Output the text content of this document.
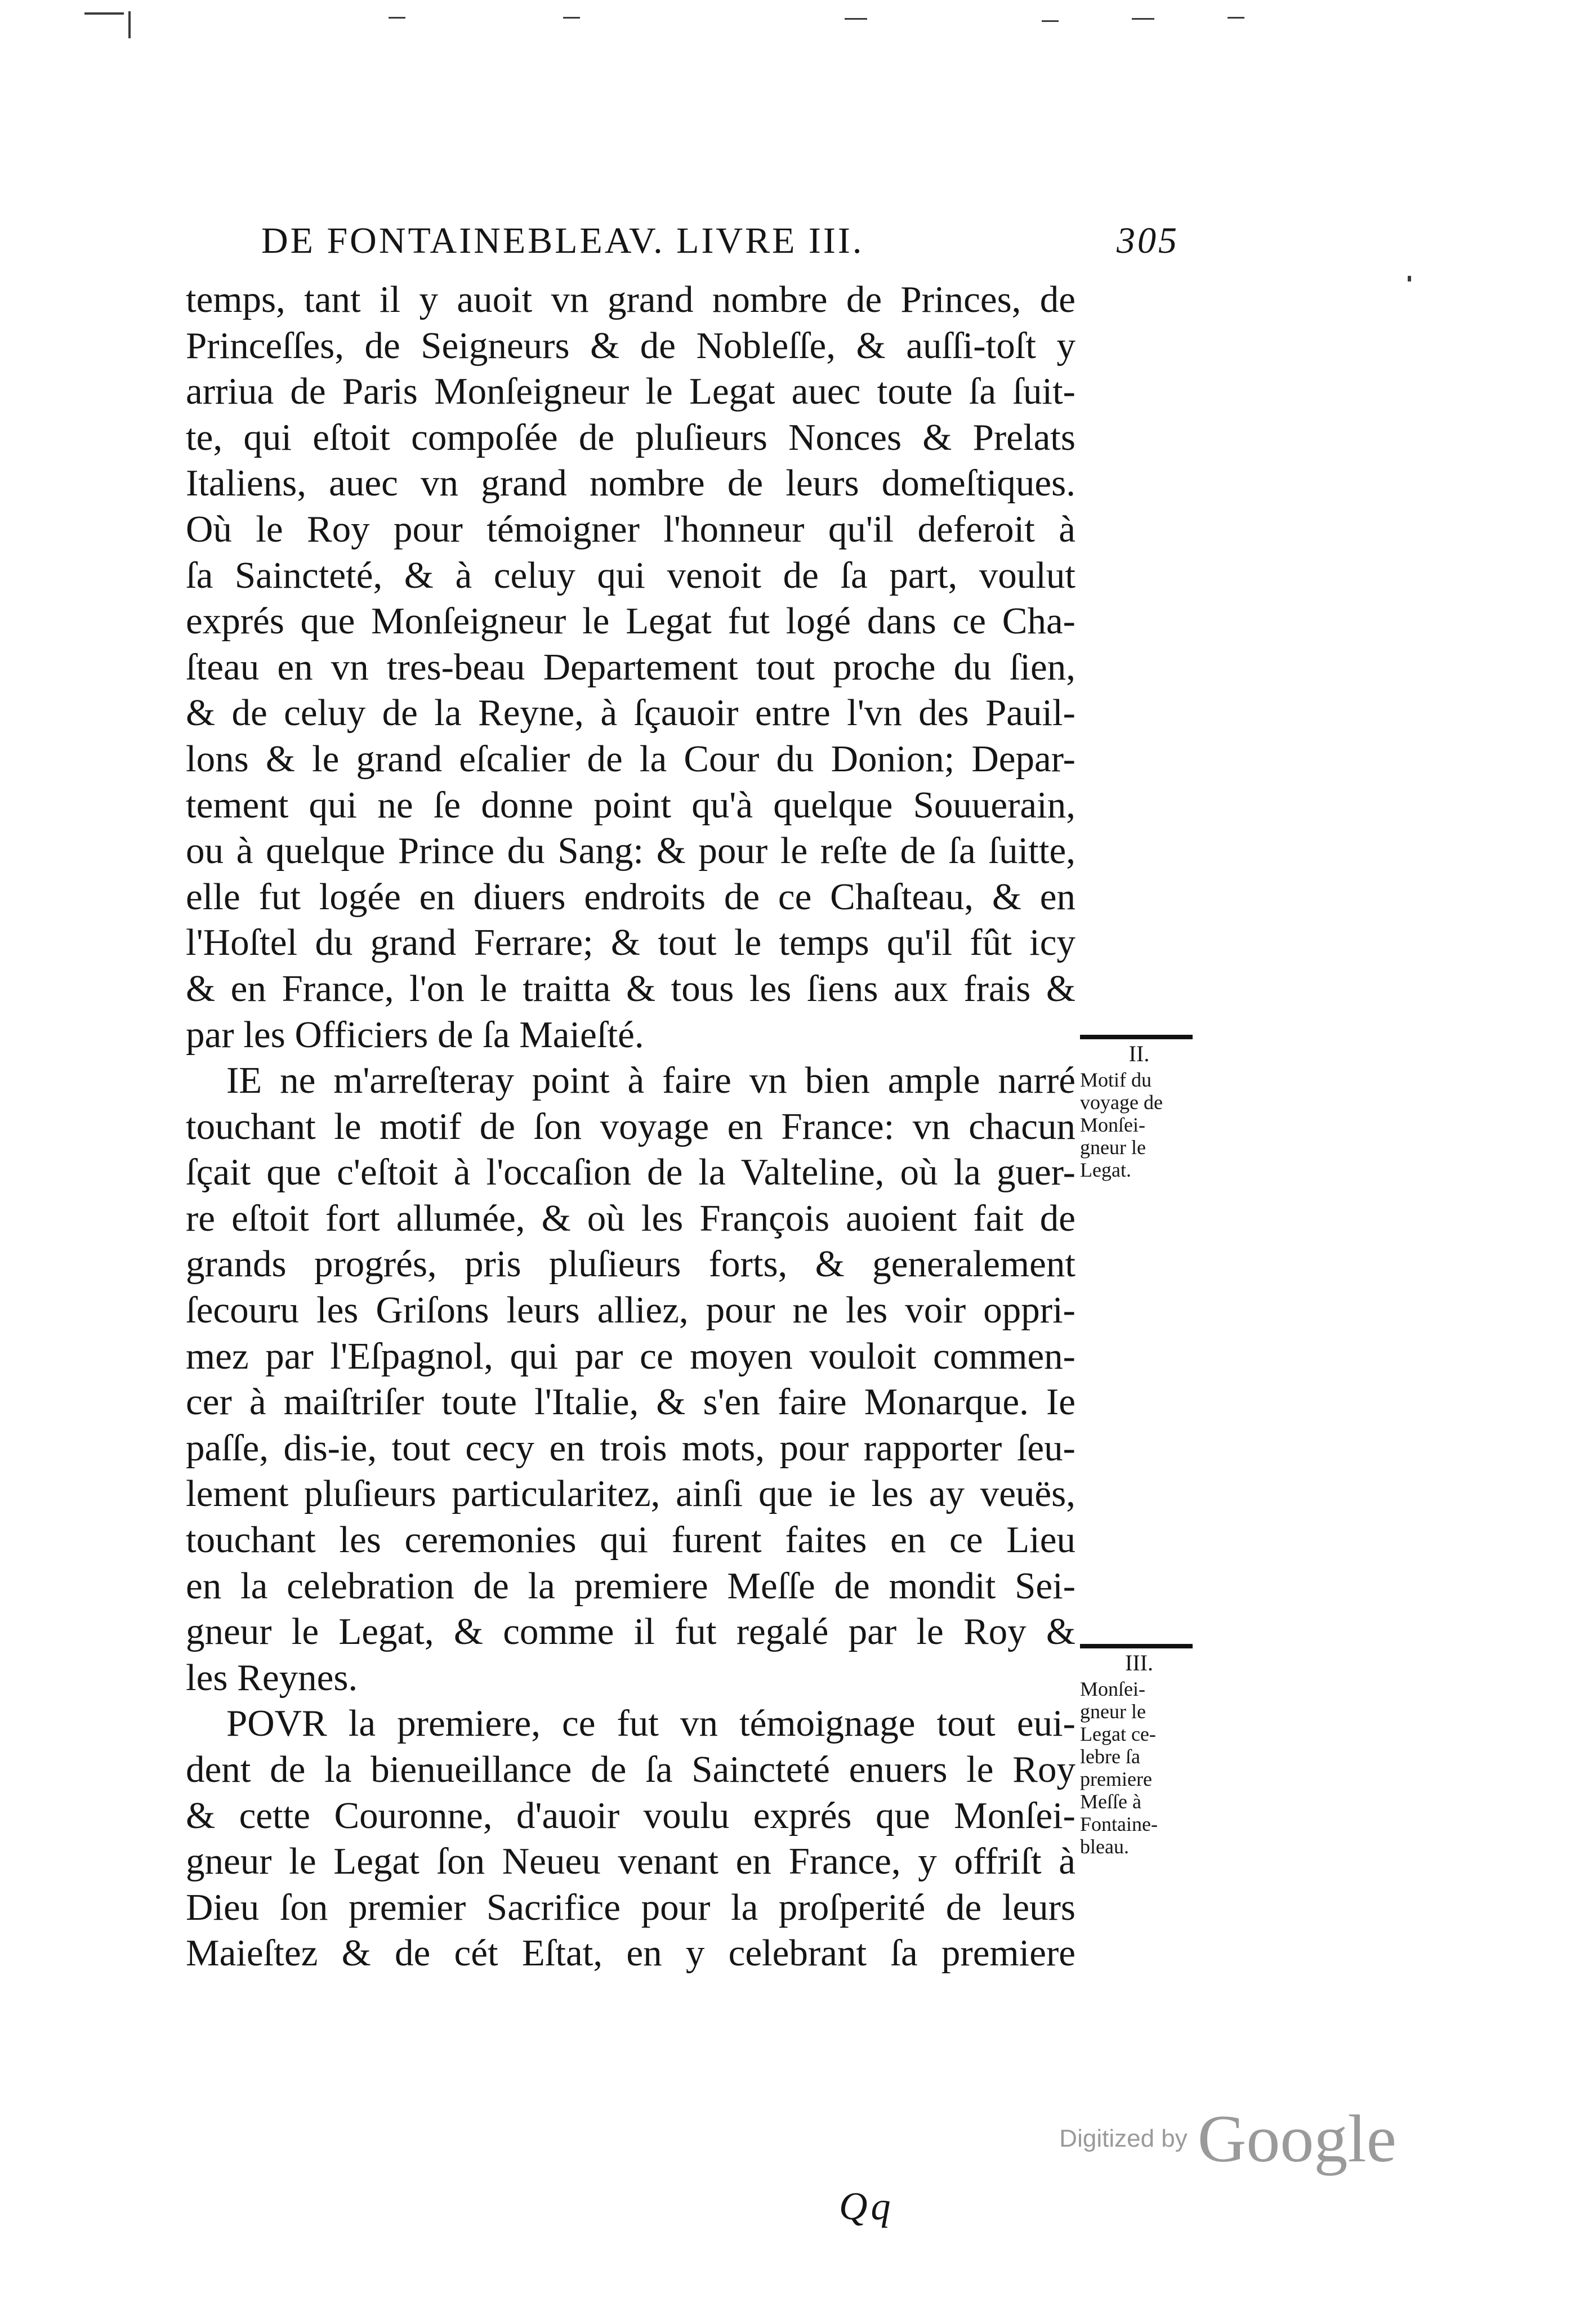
DE FONTAINEBLEAV. LIVRE III.	305
temps, tant il y auoit vn grand nombre de Princes, de
Princeſſes, de Seigneurs & de Nobleſſe, & auſſi-toſt y
arriua de Paris Monſeigneur le Legat auec toute ſa ſuit-
te, qui eſtoit compoſée de pluſieurs Nonces & Prelats
Italiens, auec vn grand nombre de leurs domeſtiques.
Où le Roy pour témoigner l'honneur qu'il deferoit à
ſa Saincteté, & à celuy qui venoit de ſa part, voulut
exprés que Monſeigneur le Legat fut logé dans ce Cha-
ſteau en vn tres-beau Departement tout proche du ſien,
& de celuy de la Reyne, à ſçauoir entre l'vn des Pauil-
lons & le grand eſcalier de la Cour du Donion; Depar-
tement qui ne ſe donne point qu'à quelque Souuerain,
ou à quelque Prince du Sang: & pour le reſte de ſa ſuitte,
elle fut logée en diuers endroits de ce Chaſteau, & en
l'Hoſtel du grand Ferrare; & tout le temps qu'il fût icy
& en France, l'on le traitta & tous les ſiens aux frais &
par les Officiers de ſa Maieſté.
IE ne m'arreſteray point à faire vn bien ample narré
touchant le motif de ſon voyage en France: vn chacun
ſçait que c'eſtoit à l'occaſion de la Valteline, où la guer-
re eſtoit fort allumée, & où les François auoient fait de
grands progrés, pris pluſieurs forts, & generalement
ſecouru les Griſons leurs alliez, pour ne les voir oppri-
mez par l'Eſpagnol, qui par ce moyen vouloit commen-
cer à maiſtriſer toute l'Italie, & s'en faire Monarque. Ie
paſſe, dis-ie, tout cecy en trois mots, pour rapporter ſeu-
lement pluſieurs particularitez, ainſi que ie les ay veuës,
touchant les ceremonies qui furent faites en ce Lieu
en la celebration de la premiere Meſſe de mondit Sei-
gneur le Legat, & comme il fut regalé par le Roy &
les Reynes.
POVR la premiere, ce fut vn témoignage tout eui-
dent de la bienueillance de ſa Saincteté enuers le Roy
& cette Couronne, d'auoir voulu exprés que Monſei-
gneur le Legat ſon Neueu venant en France, y offriſt à
Dieu ſon premier Sacrifice pour la proſperité de leurs
Maieſtez & de cét Eſtat, en y celebrant ſa premiere
II.
Motif du
voyage de
Monſei-
gneur le
Legat.
III.
Monſei-
gneur le
Legat ce-
lebre ſa
premiere
Meſſe à
Fontaine-
bleau.
Qq
Digitized by Google
